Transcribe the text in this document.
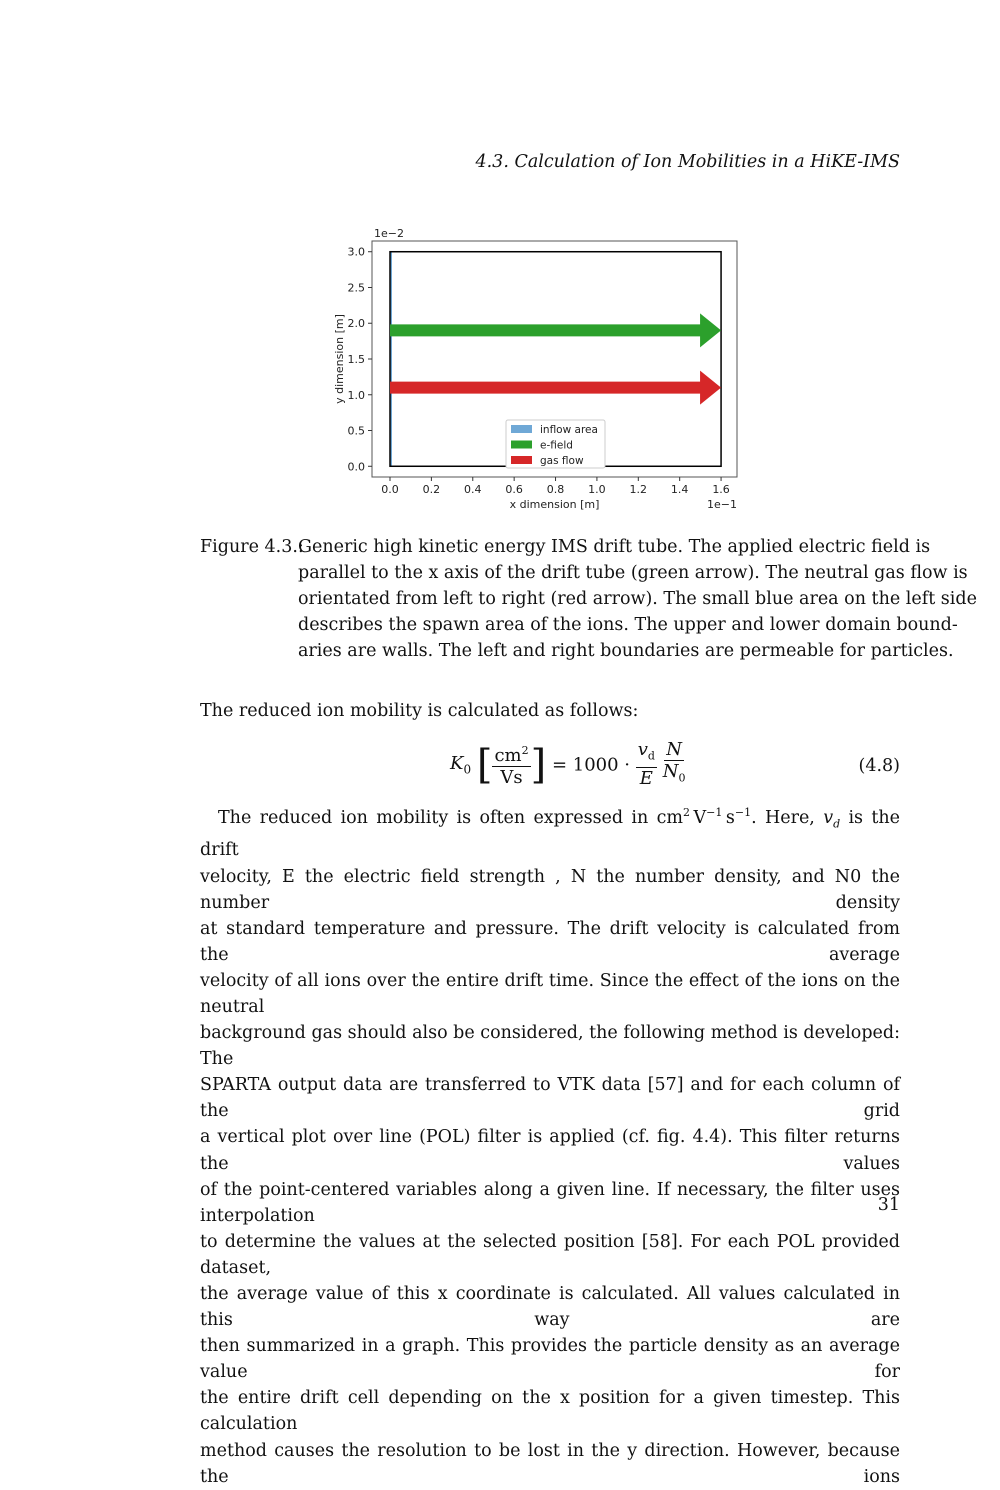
4.3. Calculation of Ion Mobilities in a HiKE-IMS
0.0 0.2 0.4 0.6 0.8 1.0 1.2 1.4 1.6
0.0
0.5
1.0
1.5
2.0
2.5
3.0
x dimension [m]
y dimension [m]
1e−1
1e−2
inflow area
e-field
gas flow
Figure 4.3.:
Generic high kinetic energy IMS drift tube. The applied electric field is
parallel to the x axis of the drift tube (green arrow). The neutral gas flow is
orientated from left to right (red arrow). The small blue area on the left side
describes the spawn area of the ions. The upper and lower domain bound-
aries are walls. The left and right boundaries are permeable for particles.
The reduced ion mobility is calculated as follows:
$K_0$ [ $\frac{cm^2}{Vs}$ ] = $1000 \cdot \frac{v_d}{E}$
$\frac{N}{N_0}$	(4.8)
The reduced ion mobility is often expressed in $cm^2$ $V^{-1}$ $s^{-1}$. Here, $v_d$ is the drift
velocity, E the electric field strength , N the number density, and N0 the number density
at standard temperature and pressure. The drift velocity is calculated from the average
velocity of all ions over the entire drift time. Since the effect of the ions on the neutral
background gas should also be considered, the following method is developed: The
SPARTA output data are transferred to VTK data [57] and for each column of the grid
a vertical plot over line (POL) filter is applied (cf. fig. 4.4). This filter returns the values
of the point-centered variables along a given line. If necessary, the filter uses interpolation
to determine the values at the selected position [58]. For each POL provided dataset,
the average value of this x coordinate is calculated. All values calculated in this way are
then summarized in a graph. This provides the particle density as an average value for
the entire drift cell depending on the x position for a given timestep. This calculation
method causes the resolution to be lost in the y direction. However, because the ions
31
